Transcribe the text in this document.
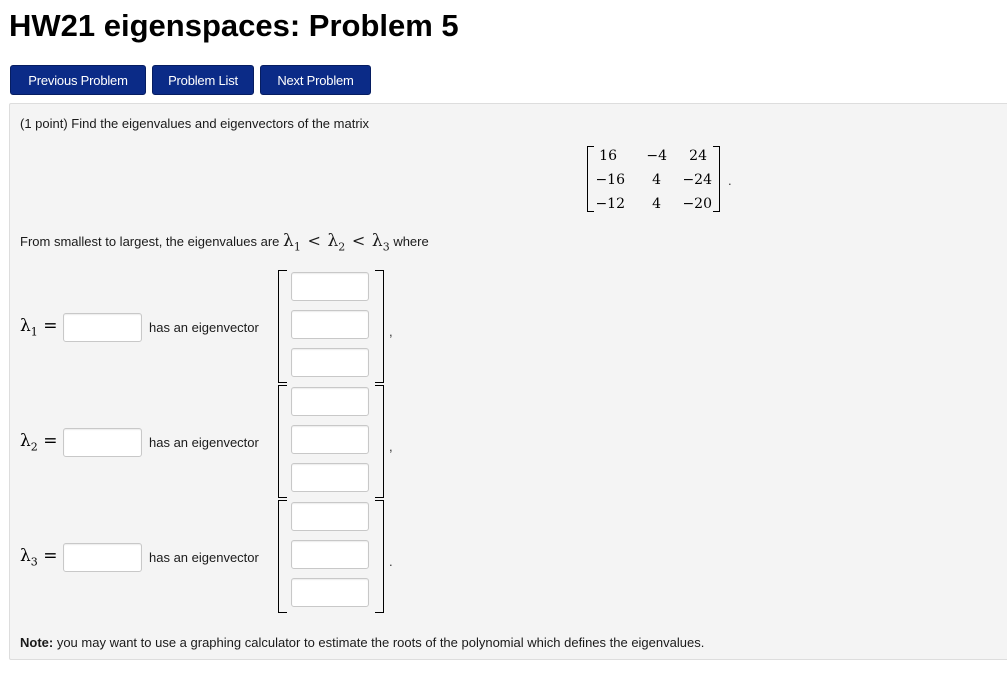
HW21 eigenspaces: Problem 5
Previous Problem	Problem List	Next Problem
(1 point) Find the eigenvalues and eigenvectors of the matrix
16	−4	24
−16	4	−24
−12	4	−20
.
From smallest to largest, the eigenvalues are $\lambda_1 < \lambda_2 < \lambda_3$ where
$\lambda_1$ =	has an eigenvector	,
$\lambda_2$ =	has an eigenvector	,
$\lambda_3$ =	has an eigenvector	.
Note: you may want to use a graphing calculator to estimate the roots of the polynomial which defines the eigenvalues.
